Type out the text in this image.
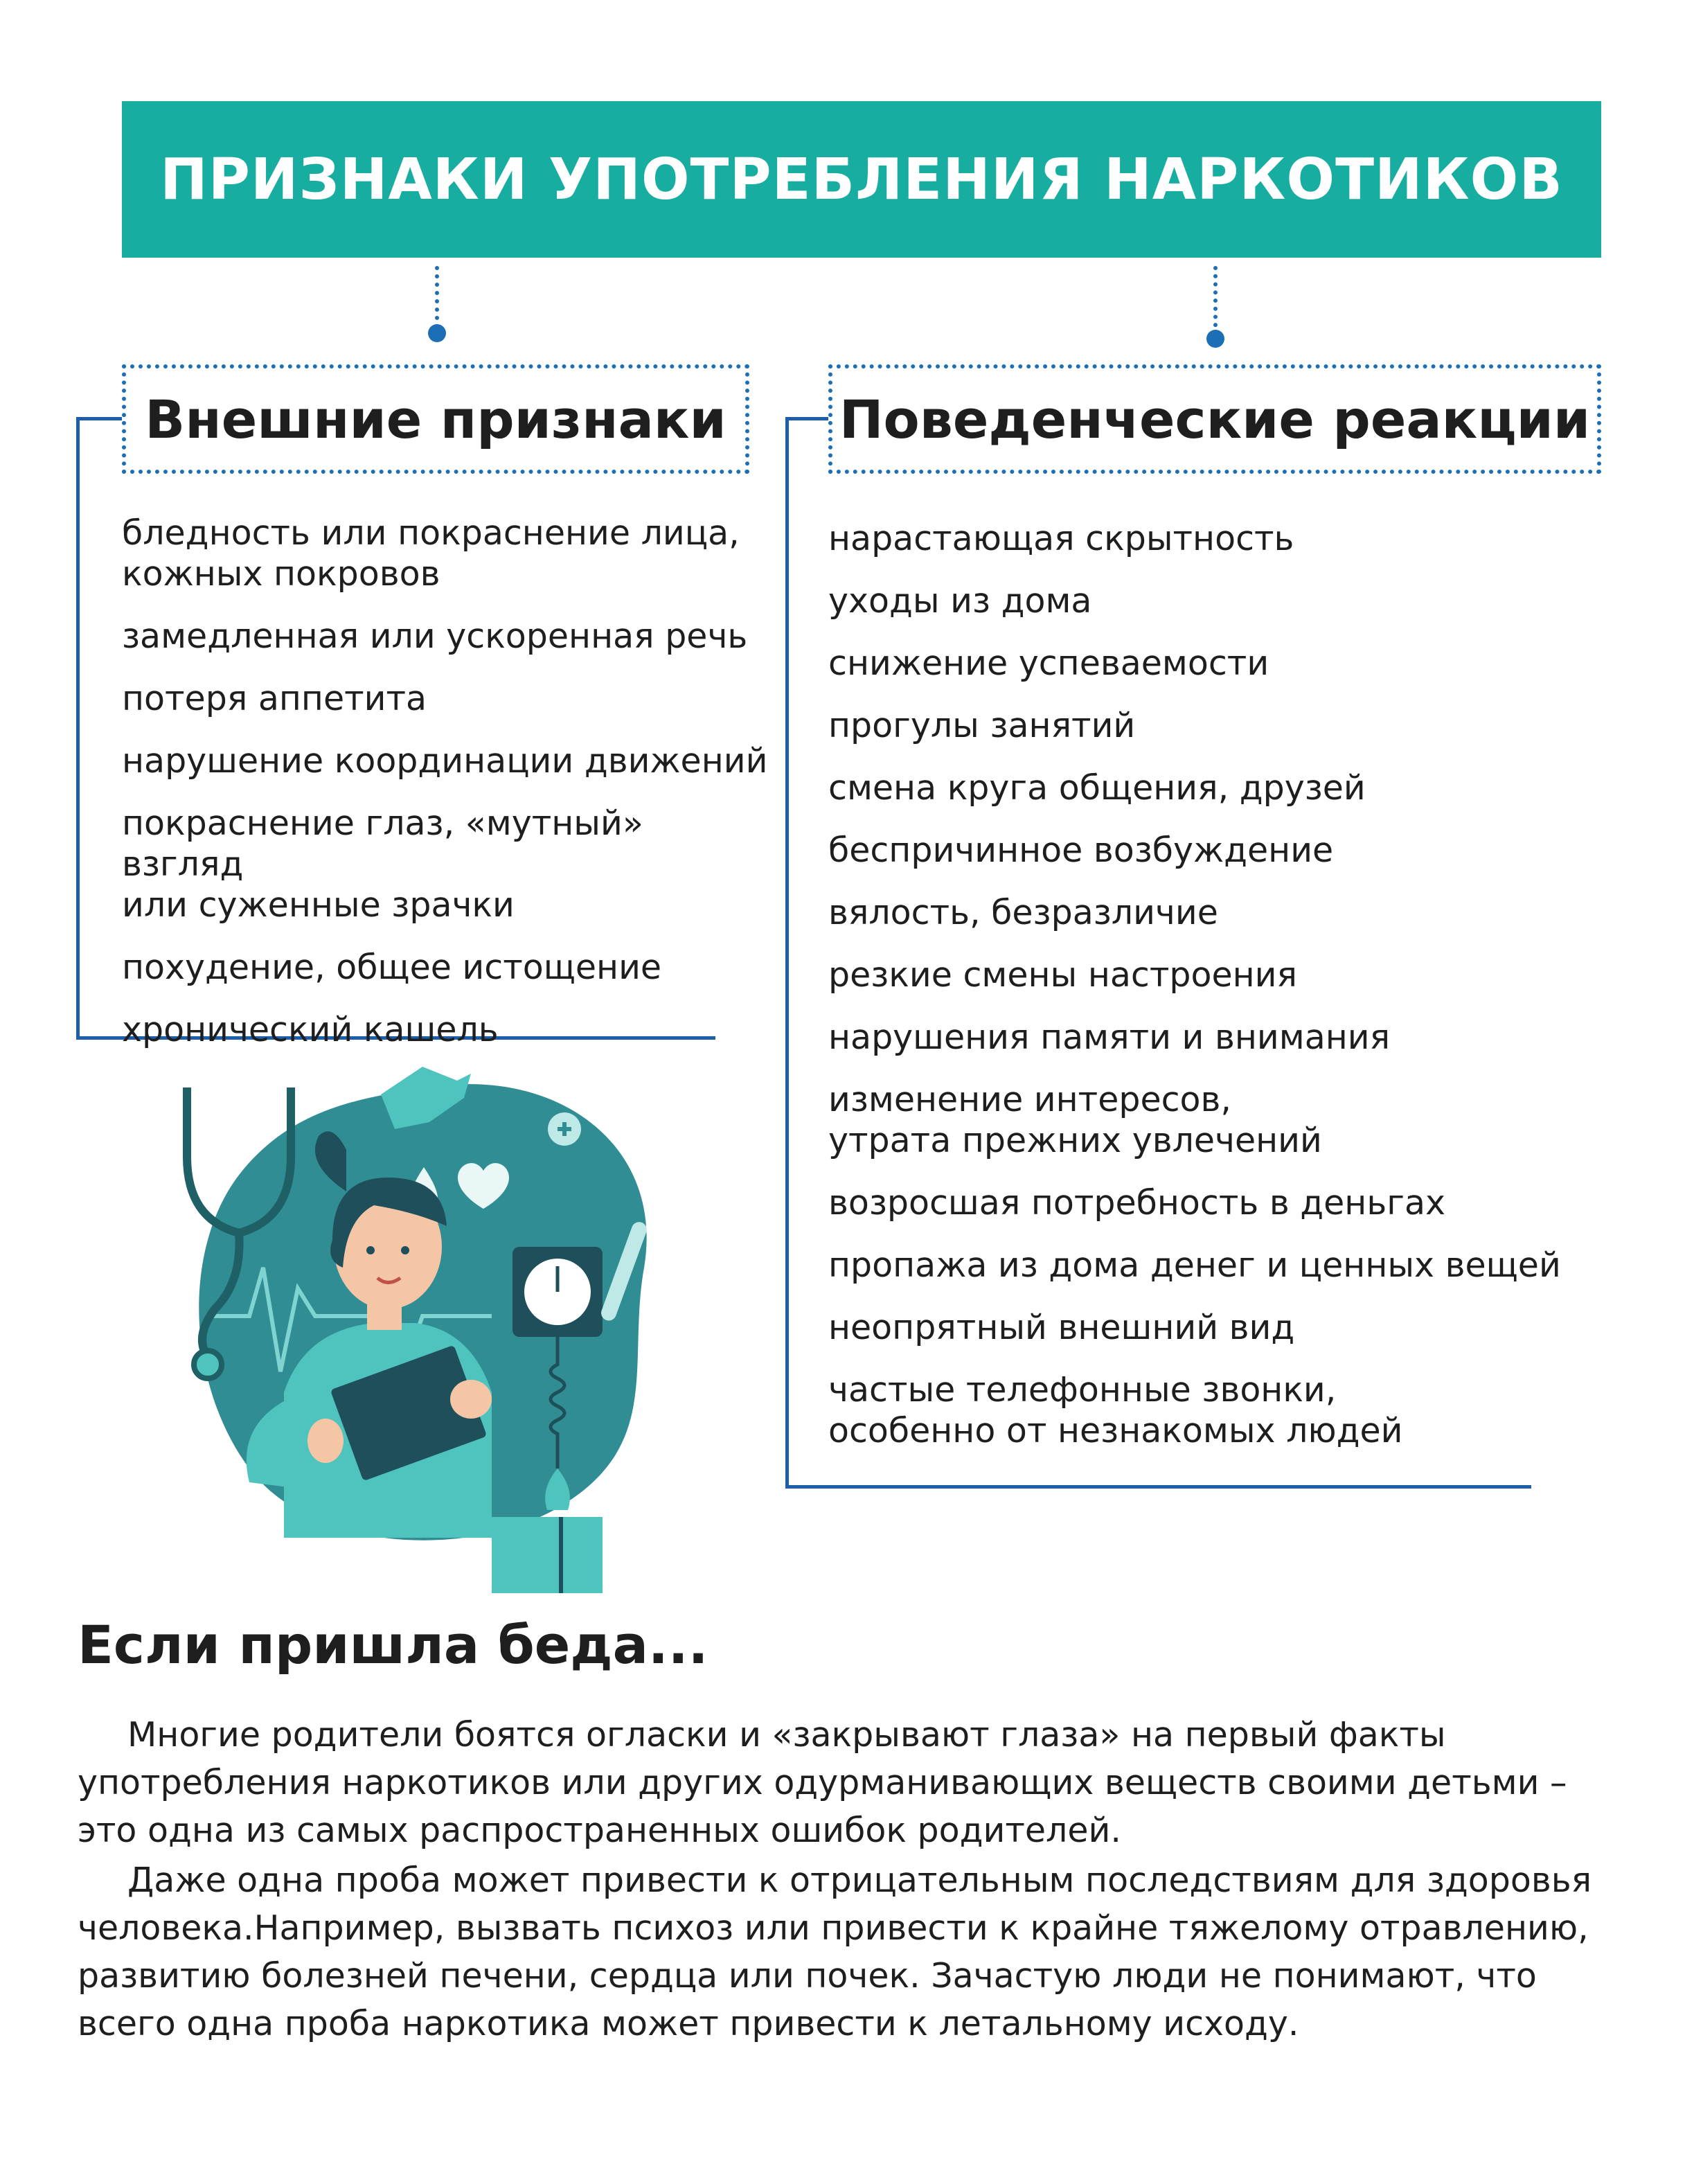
ПРИЗНАКИ УПОТРЕБЛЕНИЯ НАРКОТИКОВ
Внешние признаки
бледность или покраснение лица,
кожных покровов
замедленная или ускоренная речь
потеря аппетита
нарушение координации движений
покраснение глаз, «мутный» взгляд
или суженные зрачки
похудение, общее истощение
хронический кашель
Поведенческие реакции
нарастающая скрытность
уходы из дома
снижение успеваемости
прогулы занятий
смена круга общения, друзей
беспричинное возбуждение
вялость, безразличие
резкие смены настроения
нарушения памяти и внимания
изменение интересов,
утрата прежних увлечений
возросшая потребность в деньгах
пропажа из дома денег и ценных вещей
неопрятный внешний вид
частые телефонные звонки,
особенно от незнакомых людей
Если пришла беда...

Многие родители боятся огласки и «закрывают глаза» на первый факты употребления наркотиков или других одурманивающих веществ своими детьми – это одна из самых распространенных ошибок родителей.

Даже одна проба может привести к отрицательным последствиям для здоровья человека.Например, вызвать психоз или привести к крайне тяжелому отравлению, развитию болезней печени, сердца или почек. Зачастую люди не понимают, что всего одна проба наркотика может привести к летальному исходу.
